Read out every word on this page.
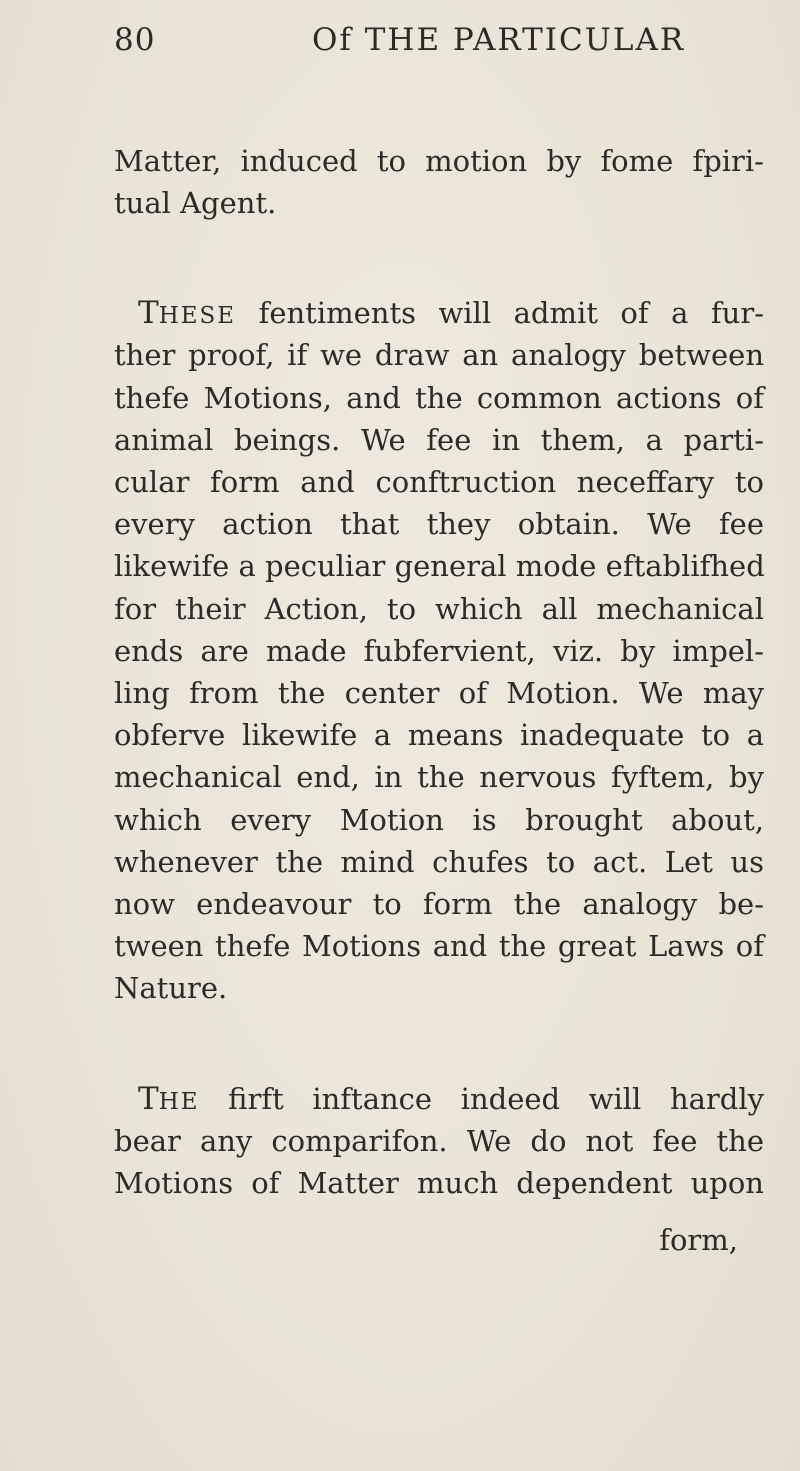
80	Of THE PARTICULAR
Matter, induced to motion by fome fpiri-
tual Agent.
THESE fentiments will admit of a fur-
ther proof, if we draw an analogy between
thefe Motions, and the common actions of
animal beings. We fee in them, a parti-
cular form and conftruction neceffary to
every action that they obtain. We fee
likewife a peculiar general mode eftablifhed
for their Action, to which all mechanical
ends are made fubfervient, viz. by impel-
ling from the center of Motion. We may
obferve likewife a means inadequate to a
mechanical end, in the nervous fyftem, by
which every Motion is brought about,
whenever the mind chufes to act. Let us
now endeavour to form the analogy be-
tween thefe Motions and the great Laws of
Nature.
THE firft inftance indeed will hardly
bear any comparifon. We do not fee the
Motions of Matter much dependent upon
form,
